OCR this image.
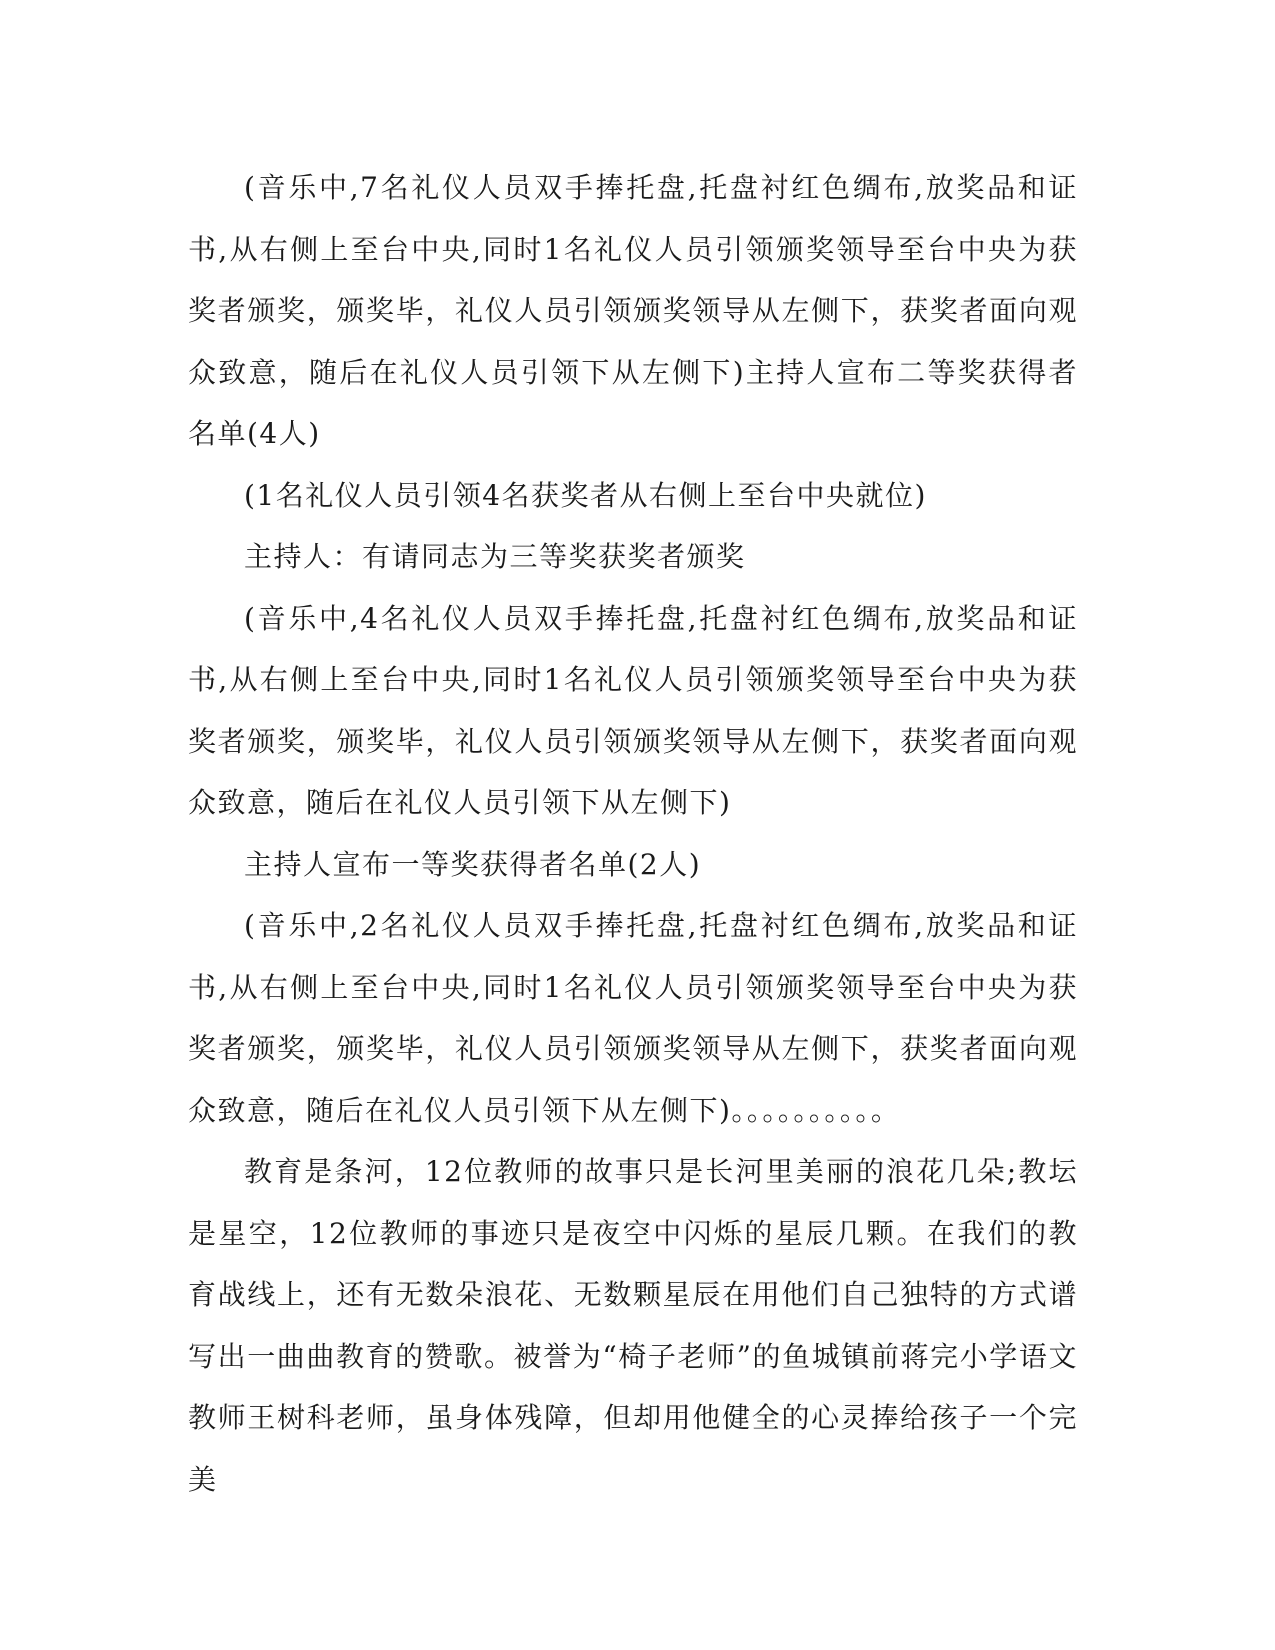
(音乐中,7名礼仪人员双手捧托盘,托盘衬红色绸布,放奖品和证书,从右侧上至台中央,同时1名礼仪人员引领颁奖领导至台中央为获奖者颁奖，颁奖毕，礼仪人员引领颁奖领导从左侧下，获奖者面向观众致意，随后在礼仪人员引领下从左侧下)主持人宣布二等奖获得者名单(4人)

(1名礼仪人员引领4名获奖者从右侧上至台中央就位)

主持人：有请同志为三等奖获奖者颁奖

(音乐中,4名礼仪人员双手捧托盘,托盘衬红色绸布,放奖品和证书,从右侧上至台中央,同时1名礼仪人员引领颁奖领导至台中央为获奖者颁奖，颁奖毕，礼仪人员引领颁奖领导从左侧下，获奖者面向观众致意，随后在礼仪人员引领下从左侧下)

主持人宣布一等奖获得者名单(2人)

(音乐中,2名礼仪人员双手捧托盘,托盘衬红色绸布,放奖品和证书,从右侧上至台中央,同时1名礼仪人员引领颁奖领导至台中央为获奖者颁奖，颁奖毕，礼仪人员引领颁奖领导从左侧下，获奖者面向观众致意，随后在礼仪人员引领下从左侧下)。。。。。。。。。。

教育是条河，12位教师的故事只是长河里美丽的浪花几朵;教坛是星空，12位教师的事迹只是夜空中闪烁的星辰几颗。在我们的教育战线上，还有无数朵浪花、无数颗星辰在用他们自己独特的方式谱写出一曲曲教育的赞歌。被誉为“椅子老师”的鱼城镇前蒋完小学语文教师王树科老师，虽身体残障，但却用他健全的心灵捧给孩子一个完美
